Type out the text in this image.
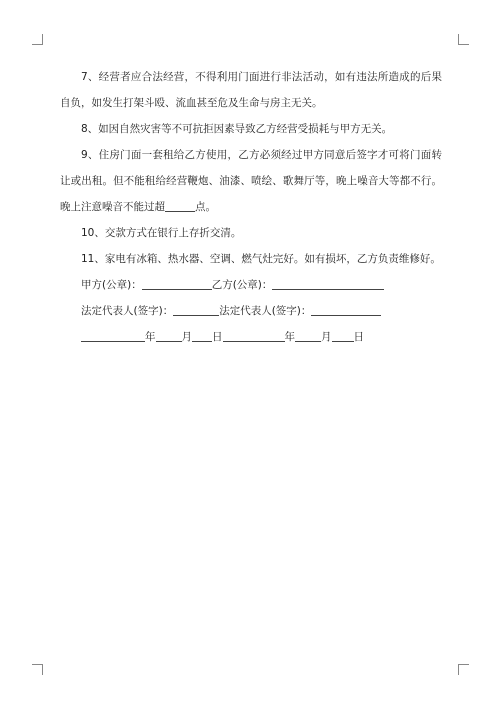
7、经营者应合法经营，不得利用门面进行非法活动，如有违法所造成的后果自负，如发生打架斗殴、流血甚至危及生命与房主无关。

8、如因自然灾害等不可抗拒因素导致乙方经营受损耗与甲方无关。

9、住房门面一套租给乙方使用，乙方必须经过甲方同意后签字才可将门面转让或出租。但不能租给经营鞭炮、油漆、喷绘、歌舞厅等，晚上噪音大等都不行。晚上注意噪音不能过超	点。

10、交款方式在银行上存折交清。

11、家电有冰箱、热水器、空调、燃气灶完好。如有损坏，乙方负责维修好。

甲方(公章)：	乙方(公章)：

法定代表人(签字)：	法定代表人(签字)：

年 月 日	年 月 日
